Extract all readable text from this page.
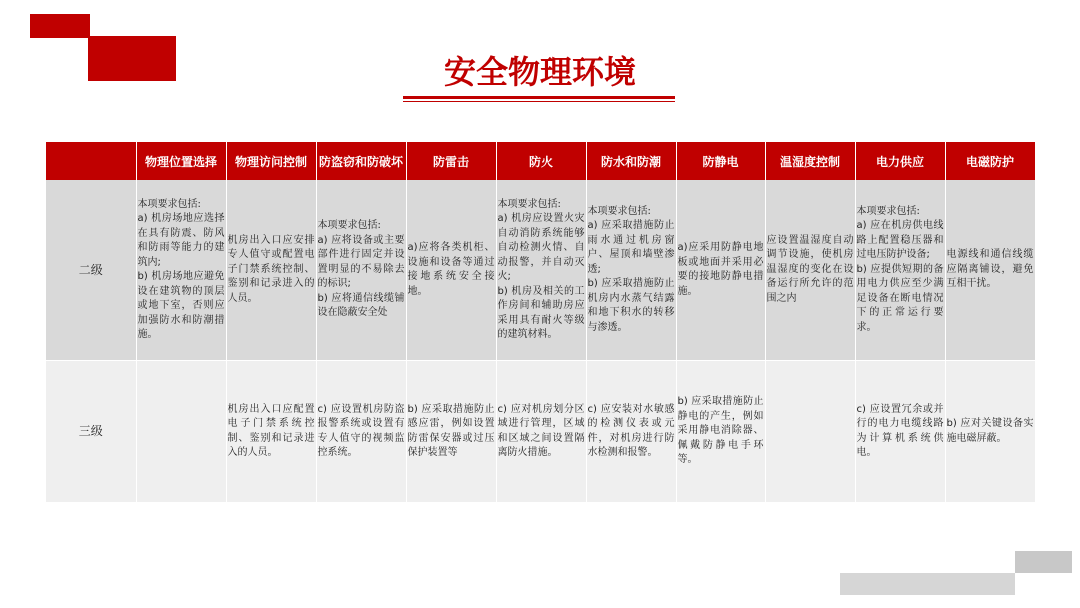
安全物理环境
	物理位置选择	物理访问控制	防盗窃和防破坏	防雷击	防火	防水和防潮	防静电	温湿度控制	电力供应	电磁防护
二级	本项要求包括:
a) 机房场地应选择在具有防震、防风和防雨等能力的建筑内;
b) 机房场地应避免设在建筑物的顶层或地下室，否则应加强防水和防潮措施。	机房出入口应安排专人值守或配置电子门禁系统控制、鉴别和记录进入的人员。	本项要求包括:
a) 应将设备或主要部件进行固定并设置明显的不易除去的标识;
b) 应将通信线缆铺设在隐蔽安全处	a)应将各类机柜、设施和设备等通过接地系统安全接地。	本项要求包括:
a) 机房应设置火灾自动消防系统能够自动检测火情、自动报警，并自动灭火;
b) 机房及相关的工作房间和辅助房应采用具有耐火等级的建筑材料。	本项要求包括:
a) 应采取措施防止雨水通过机房窗户、屋顶和墙壁渗透;
b) 应采取措施防止机房内水蒸气结露和地下积水的转移与渗透。	a)应采用防静电地板或地面并采用必要的接地防静电措施。	应设置温湿度自动调节设施，使机房温湿度的变化在设备运行所允许的范围之内	本项要求包括:
a) 应在机房供电线路上配置稳压器和过电压防护设备;
b) 应提供短期的备用电力供应至少满足设备在断电情况下的正常运行要求。	电源线和通信线缆应隔离铺设，避免互相干扰。
三级		机房出入口应配置电子门禁系统控制、鉴别和记录进入的人员。	c) 应设置机房防盗报警系统或设置有专人值守的视频监控系统。	b) 应采取措施防止感应雷，例如设置防雷保安器或过压保护装置等	c) 应对机房划分区域进行管理，区域和区域之间设置隔离防火措施。	c) 应安装对水敏感的检测仪表或元件，对机房进行防水检测和报警。	b) 应采取措施防止静电的产生，例如采用静电消除器、佩戴防静电手环等。		c) 应设置冗余或并行的电力电缆线路为计算机系统供电。	b) 应对关键设备实施电磁屏蔽。
